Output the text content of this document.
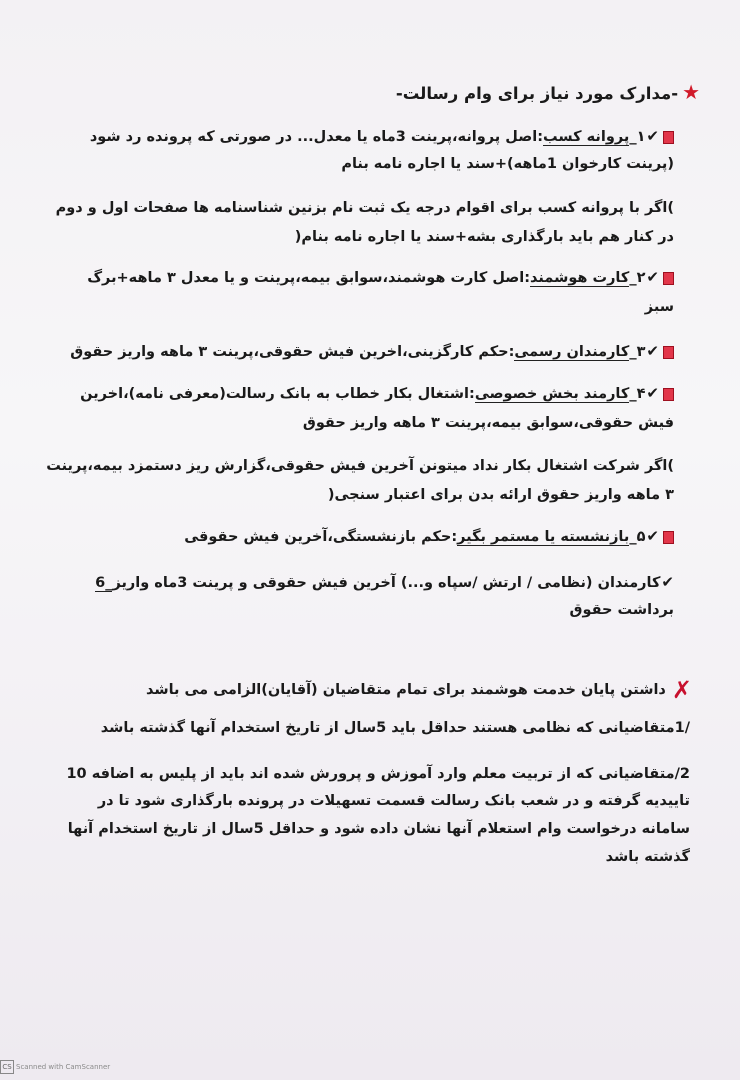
★-مدارک مورد نیاز برای وام رسالت-
✔۱_پروانه کسب:اصل پروانه،پرینت 3ماه یا معدل... در صورتی که پرونده رد شود
(پرینت کارخوان 1ماهه)+سند یا اجاره نامه بنام
)اگر با پروانه کسب برای اقوام درجه یک ثبت نام بزنین شناسنامه ها صفحات اول و دوم
در کنار هم باید بارگذاری بشه+سند یا اجاره نامه بنام(
✔۲_کارت هوشمند:اصل کارت هوشمند،سوابق بیمه،پرینت و یا معدل ۳ ماهه+برگ
سبز
✔۳_کارمندان رسمی:حکم کارگزینی،اخرین فیش حقوقی،پرینت ۳ ماهه واریز حقوق
✔۴_کارمند بخش خصوصی:اشتغال بکار خطاب به بانک رسالت(معرفی نامه)،اخرین
فیش حقوقی،سوابق بیمه،پرینت ۳ ماهه واریز حقوق
)اگر شرکت اشتغال بکار نداد میتونن آخرین فیش حقوقی،گزارش ریز دستمزد بیمه،پرینت
۳ ماهه واریز حقوق ارائه بدن برای اعتبار سنجی(
✔۵_بازنشسته یا مستمر بگیر:حکم بازنشستگی،آخرین فیش حقوقی
✔کارمندان (نظامی / ارتش /سپاه و...) آخرین فیش حقوقی و پرینت 3ماه واریز_6
برداشت حقوق
✗داشتن پایان خدمت هوشمند برای تمام متقاضیان (آقایان)الزامی می باشد
/1متقاضیانی که نظامی هستند حداقل باید 5سال از تاریخ استخدام آنها گذشته باشد
2/متقاضیانی که از تربیت معلم وارد آموزش و پرورش شده اند باید از پلیس به اضافه 10
تاییدیه گرفته و در شعب بانک رسالت قسمت تسهیلات در پرونده بارگذاری شود تا در
سامانه درخواست وام استعلام آنها نشان داده شود و حداقل 5سال از تاریخ استخدام آنها
گذشته باشد
CS Scanned with CamScanner
